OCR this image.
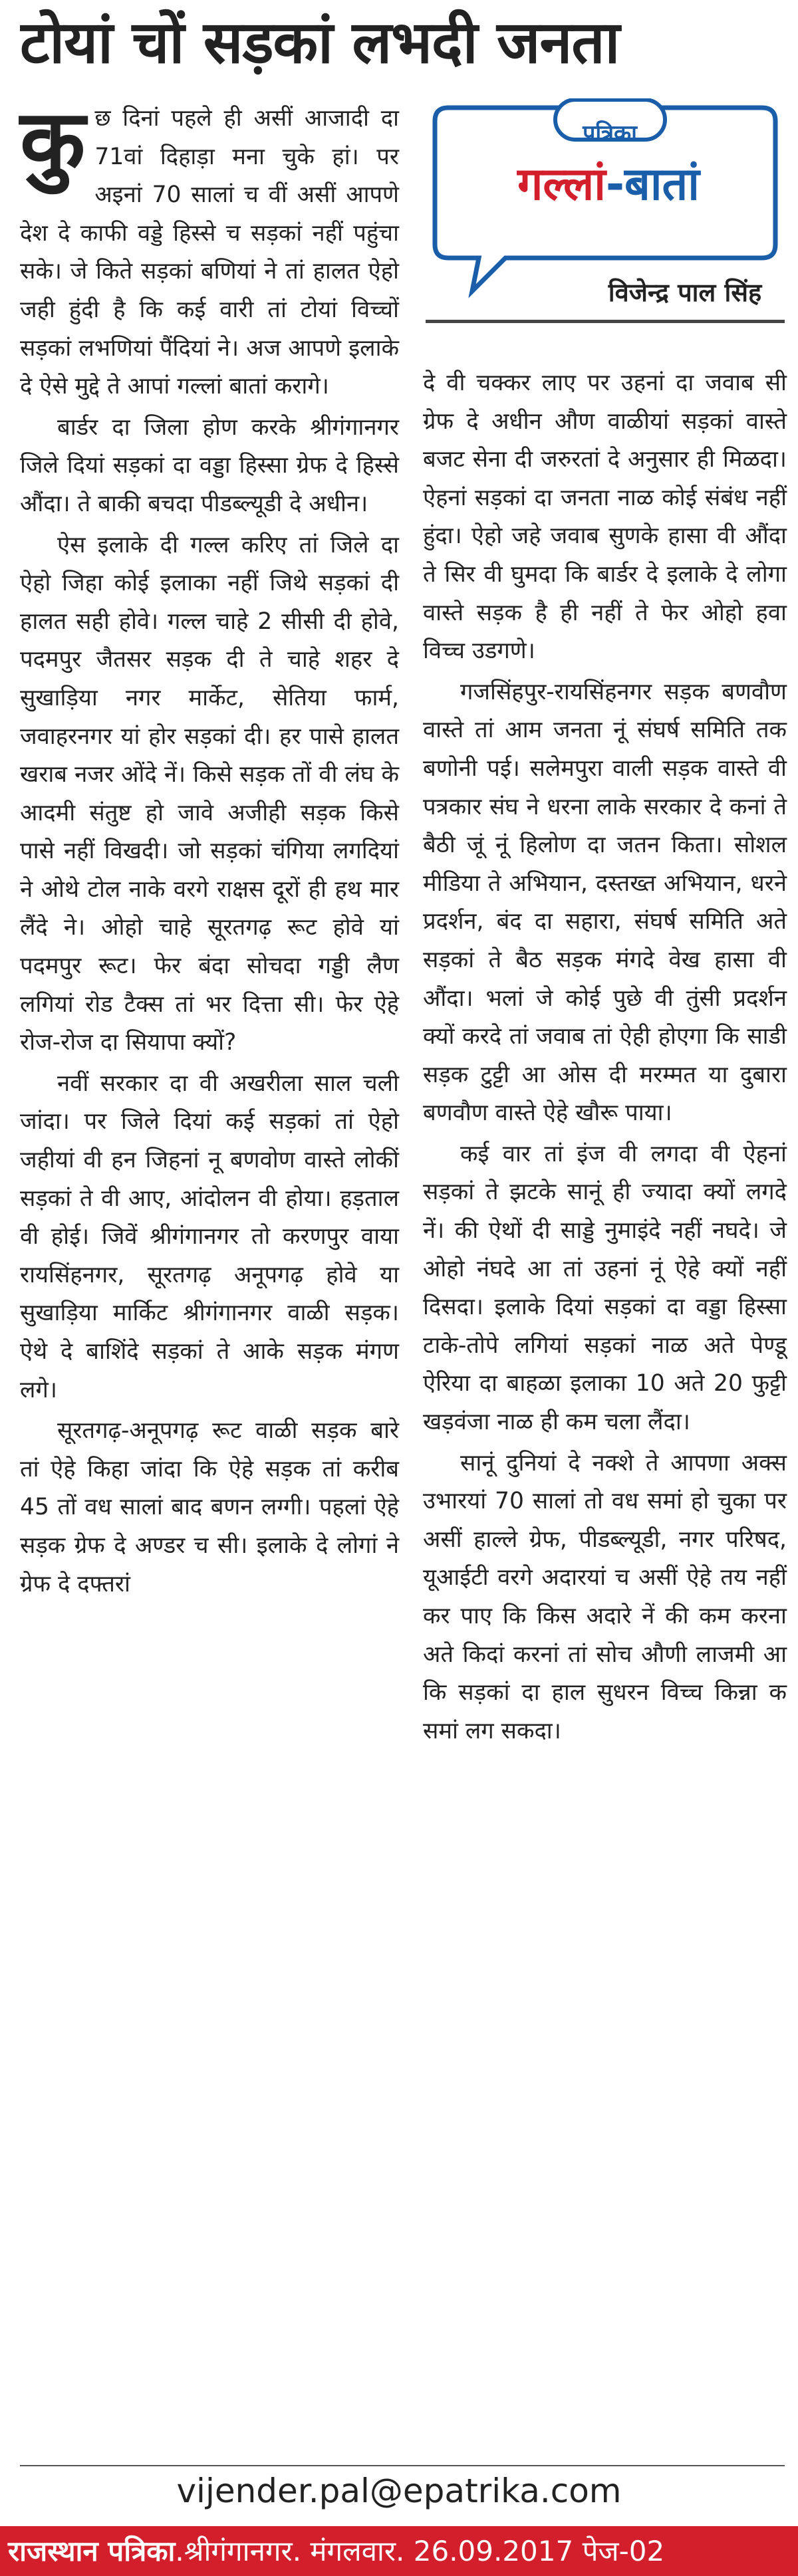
टोयां चों सड़कां लभदी जनता
पत्रिका
गल्लां-बातां
विजेन्द्र पाल सिंह

कु छ दिनां पहले ही असीं आजादी दा 71वां दिहाड़ा मना चुके हां। पर अइनां 70 सालां च वीं असीं आपणे देश दे काफी वड्डे हिस्से च सड़कां नहीं पहुंचा सके। जे किते सड़कां बणियां ने तां हालत ऐहो जही हुंदी है कि कई वारी तां टोयां विच्चों सड़कां लभणियां पैंदियां ने। अज आपणे इलाके दे ऐसे मुद्दे ते आपां गल्लां बातां करागे।

बार्डर दा जिला होण करके श्रीगंगानगर जिले दियां सड़कां दा वड्डा हिस्सा ग्रेफ दे हिस्से औंदा। ते बाकी बचदा पीडब्ल्यूडी दे अधीन।

ऐस इलाके दी गल्ल करिए तां जिले दा ऐहो जिहा कोई इलाका नहीं जिथे सड़कां दी हालत सही होवे। गल्ल चाहे 2 सीसी दी होवे, पदमपुर जैतसर सड़क दी ते चाहे शहर दे सुखाड़िया नगर मार्केट, सेतिया फार्म, जवाहरनगर यां होर सड़कां दी। हर पासे हालत खराब नजर ओंदे नें। किसे सड़क तों वी लंघ के आदमी संतुष्ट हो जावे अजीही सड़क किसे पासे नहीं विखदी। जो सड़कां चंगिया लगदियां ने ओथे टोल नाके वरगे राक्षस दूरों ही हथ मार लैंदे ने। ओहो चाहे सूरतगढ़ रूट होवे यां पदमपुर रूट। फेर बंदा सोचदा गड्डी लैण लगियां रोड टैक्स तां भर दित्ता सी। फेर ऐहे रोज-रोज दा सियापा क्यों?

नवीं सरकार दा वी अखरीला साल चली जांदा। पर जिले दियां कई सड़कां तां ऐहो जहीयां वी हन जिहनां नू बणवोण वास्ते लोकीं सड़कां ते वी आए, आंदोलन वी होया। हड़ताल वी होई। जिवें श्रीगंगानगर तो करणपुर वाया रायसिंहनगर, सूरतगढ़ अनूपगढ़ होवे या सुखाड़िया मार्किट श्रीगंगानगर वाळी सड़क। ऐथे दे बाशिंदे सड़कां ते आके सड़क मंगण लगे।

सूरतगढ़-अनूपगढ़ रूट वाळी सड़क बारे तां ऐहे किहा जांदा कि ऐहे सड़क तां करीब 45 तों वध सालां बाद बणन लग्गी। पहलां ऐहे सड़क ग्रेफ दे अण्डर च सी। इलाके दे लोगां ने ग्रेफ दे दफ्तरां

दे वी चक्कर लाए पर उहनां दा जवाब सी ग्रेफ दे अधीन औण वाळीयां सड़कां वास्ते बजट सेना दी जरुरतां दे अनुसार ही मिळदा। ऐहनां सड़कां दा जनता नाळ कोई संबंध नहीं हुंदा। ऐहो जहे जवाब सुणके हासा वी औंदा ते सिर वी घुमदा कि बार्डर दे इलाके दे लोगा वास्ते सड़क है ही नहीं ते फेर ओहो हवा विच्च उडगणे।

गजसिंहपुर-रायसिंहनगर सड़क बणवौण वास्ते तां आम जनता नूं संघर्ष समिति तक बणोनी पई। सलेमपुरा वाली सड़क वास्ते वी पत्रकार संघ ने धरना लाके सरकार दे कनां ते बैठी जूं नूं हिलोण दा जतन किता। सोशल मीडिया ते अभियान, दस्तख्त अभियान, धरने प्रदर्शन, बंद दा सहारा, संघर्ष समिति अते सड़कां ते बैठ सड़क मंगदे वेख हासा वी औंदा। भलां जे कोई पुछे वी तुंसी प्रदर्शन क्यों करदे तां जवाब तां ऐही होएगा कि साडी सड़क टुट्टी आ ओस दी मरम्मत या दुबारा बणवौण वास्ते ऐहे खौरू पाया।

कई वार तां इंज वी लगदा वी ऐहनां सड़कां ते झटके सानूं ही ज्यादा क्यों लगदे नें। की ऐथों दी साड्डे नुमाइंदे नहीं नघदे। जे ओहो नंघदे आ तां उहनां नूं ऐहे क्यों नहीं दिसदा। इलाके दियां सड़कां दा वड्डा हिस्सा टाके-तोपे लगियां सड़कां नाळ अते पेण्डू ऐरिया दा बाहळा इलाका 10 अते 20 फुट्टी खड़वंजा नाळ ही कम चला लैंदा।

सानूं दुनियां दे नक्शे ते आपणा अक्स उभारयां 70 सालां तो वध समां हो चुका पर असीं हाल्ले ग्रेफ, पीडब्ल्यूडी, नगर परिषद, यूआईटी वरगे अदारयां च असीं ऐहे तय नहीं कर पाए कि किस अदारे नें की कम करना अते किदां करनां तां सोच औणी लाजमी आ कि सड़कां दा हाल सुधरन विच्च किन्ना क समां लग सकदा।

vijender.pal@epatrika.com
राजस्थान पत्रिका.श्रीगंगानगर. मंगलवार. 26.09.2017 पेज-02
